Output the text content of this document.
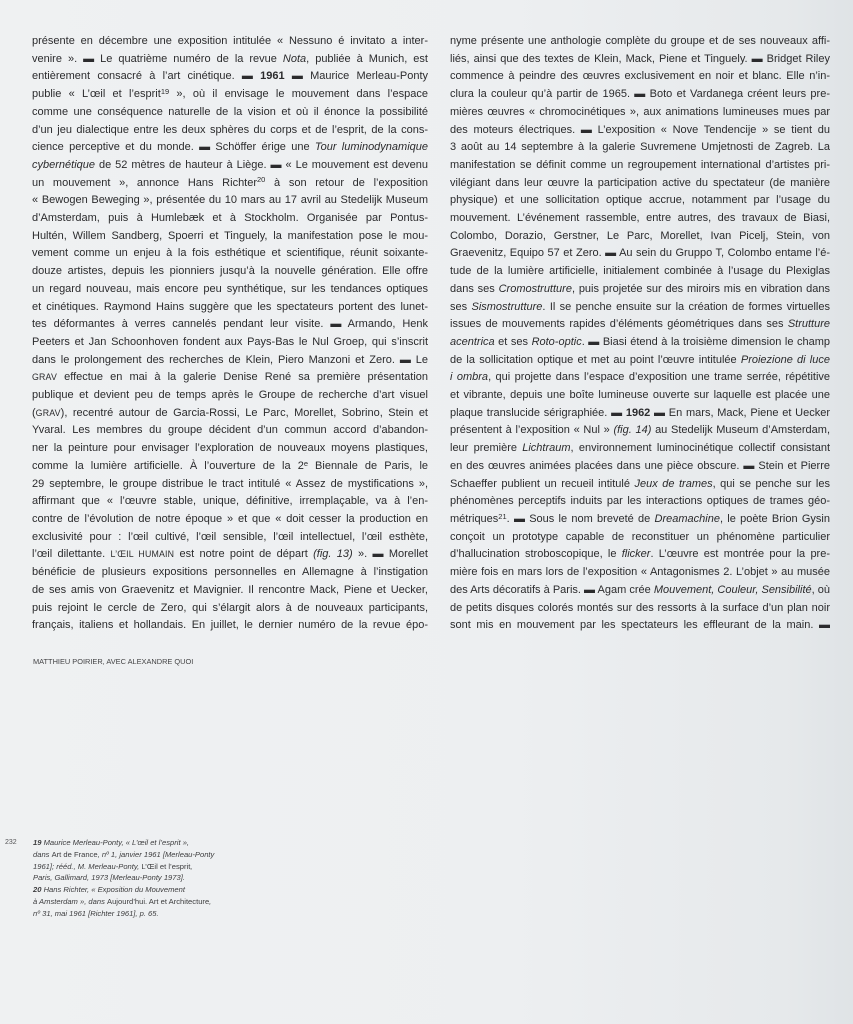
présente en décembre une exposition intitulée « Nessuno é invitato a inter-
venire ». ▬ Le quatrième numéro de la revue Nota, publiée à Munich, est
entièrement consacré à l’art cinétique. ▬ 1961 ▬ Maurice Merleau-Ponty
publie « L’œil et l’esprit$^{19}$ », où il envisage le mouvement dans l’espace
comme une conséquence naturelle de la vision et où il énonce la possibilité
d’un jeu dialectique entre les deux sphères du corps et de l’esprit, de la cons-
cience perceptive et du monde. ▬ Schöffer érige une Tour luminodynamique
cybernétique de 52 mètres de hauteur à Liège. ▬ « Le mouvement est devenu
un mouvement », annonce Hans Richter$^{20}$ à son retour de l’exposition
« Bewogen Beweging », présentée du 10 mars au 17 avril au Stedelijk Museum
d’Amsterdam, puis à Humlebæk et à Stockholm. Organisée par Pontus-
Hultén, Willem Sandberg, Spoerri et Tinguely, la manifestation pose le mou-
vement comme un enjeu à la fois esthétique et scientifique, réunit soixante-
douze artistes, depuis les pionniers jusqu’à la nouvelle génération. Elle offre
un regard nouveau, mais encore peu synthétique, sur les tendances optiques
et cinétiques. Raymond Hains suggère que les spectateurs portent des lunet-
tes déformantes à verres cannelés pendant leur visite. ▬ Armando, Henk
Peeters et Jan Schoonhoven fondent aux Pays-Bas le Nul Groep, qui s’inscrit
dans le prolongement des recherches de Klein, Piero Manzoni et Zero. ▬ Le
GRAV effectue en mai à la galerie Denise René sa première présentation
publique et devient peu de temps après le Groupe de recherche d’art visuel
(GRAV), recentré autour de Garcia-Rossi, Le Parc, Morellet, Sobrino, Stein et
Yvaral. Les membres du groupe décident d’un commun accord d’abandon-
ner la peinture pour envisager l’exploration de nouveaux moyens plastiques,
comme la lumière artificielle. À l’ouverture de la 2e Biennale de Paris, le
29 septembre, le groupe distribue le tract intitulé « Assez de mystifications »,
affirmant que « l’œuvre stable, unique, définitive, irremplaçable, va à l’en-
contre de l’évolution de notre époque » et que « doit cesser la production en
exclusivité pour : l’œil cultivé, l’œil sensible, l’œil intellectuel, l’œil esthète,
l’œil dilettante. L’ŒIL HUMAIN est notre point de départ (fig. 13) ». ▬ Morellet
bénéficie de plusieurs expositions personnelles en Allemagne à l’instigation
de ses amis von Graevenitz et Mavignier. Il rencontre Mack, Piene et Uecker,
puis rejoint le cercle de Zero, qui s’élargit alors à de nouveaux participants,
français, italiens et hollandais. En juillet, le dernier numéro de la revue épo-
nyme présente une anthologie complète du groupe et de ses nouveaux affi-
liés, ainsi que des textes de Klein, Mack, Piene et Tinguely. ▬ Bridget Riley
commence à peindre des œuvres exclusivement en noir et blanc. Elle n’in-
clura la couleur qu’à partir de 1965. ▬ Boto et Vardanega créent leurs pre-
mières œuvres « chromocinétiques », aux animations lumineuses mues par
des moteurs électriques. ▬ L’exposition « Nove Tendencije » se tient du
3 août au 14 septembre à la galerie Suvremene Umjetnosti de Zagreb. La
manifestation se définit comme un regroupement international d’artistes pri-
vilégiant dans leur œuvre la participation active du spectateur (de manière
physique) et une sollicitation optique accrue, notamment par l’usage du
mouvement. L’événement rassemble, entre autres, des travaux de Biasi,
Colombo, Dorazio, Gerstner, Le Parc, Morellet, Ivan Picelj, Stein, von
Graevenitz, Equipo 57 et Zero. ▬ Au sein du Gruppo T, Colombo entame l’é-
tude de la lumière artificielle, initialement combinée à l’usage du Plexiglas
dans ses Cromostrutture, puis projetée sur des miroirs mis en vibration dans
ses Sismostrutture. Il se penche ensuite sur la création de formes virtuelles
issues de mouvements rapides d’éléments géométriques dans ses Strutture
acentrica et ses Roto-optic. ▬ Biasi étend à la troisième dimension le champ
de la sollicitation optique et met au point l’œuvre intitulée Proiezione di luce
i ombra, qui projette dans l’espace d’exposition une trame serrée, répétitive
et vibrante, depuis une boîte lumineuse ouverte sur laquelle est placée une
plaque translucide sérigraphiée. ▬ 1962 ▬ En mars, Mack, Piene et Uecker
présentent à l’exposition « Nul » (fig. 14) au Stedelijk Museum d’Amsterdam,
leur première Lichtraum, environnement luminocinétique collectif consistant
en des œuvres animées placées dans une pièce obscure. ▬ Stein et Pierre
Schaeffer publient un recueil intitulé Jeux de trames, qui se penche sur les
phénomènes perceptifs induits par les interactions optiques de trames géo-
métriques$^{21}$. ▬ Sous le nom breveté de Dreamachine, le poète Brion Gysin
conçoit un prototype capable de reconstituer un phénomène particulier
d’hallucination stroboscopique, le flicker. L’œuvre est montrée pour la pre-
mière fois en mars lors de l’exposition « Antagonismes 2. L’objet » au musée
des Arts décoratifs à Paris. ▬ Agam crée Mouvement, Couleur, Sensibilité, où
de petits disques colorés montés sur des ressorts à la surface d’un plan noir
sont mis en mouvement par les spectateurs les effleurant de la main. ▬
MATTHIEU POIRIER, AVEC ALEXANDRE QUOI
232 19 Maurice Merleau-Ponty, « L’œil et l’esprit »,
dans Art de France, nº 1, janvier 1961 [Merleau-Ponty
1961]; rééd., M. Merleau-Ponty, L’Œil et l’esprit,
Paris, Gallimard, 1973 [Merleau-Ponty 1973].
20 Hans Richter, « Exposition du Mouvement
à Amsterdam », dans Aujourd’hui. Art et Architecture,
nº 31, mai 1961 [Richter 1961], p. 65.
